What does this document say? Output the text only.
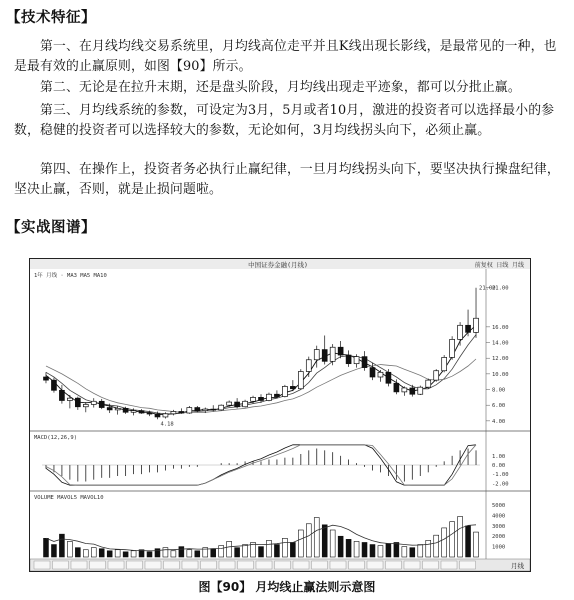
【技术特征】
第一、在月线均线交易系统里，月均线高位走平并且K线出现长影线，是最常见的一种，也是最有效的止赢原则，如图【90】所示。
第二、无论是在拉升末期，还是盘头阶段，月均线出现走平迹象，都可以分批止赢。
第三、月均线系统的参数，可设定为3月，5月或者10月，激进的投资者可以选择最小的参数，稳健的投资者可以选择较大的参数，无论如何，3月均线拐头向下，必须止赢。
第四、在操作上，投资者务必执行止赢纪律，一旦月均线拐头向下，要坚决执行操盘纪律，坚决止赢，否则，就是止损问题啦。
【实战图谱】
中国证券金融(月线)	前复权 日线 月线
1年 月线 · MA3 MA5 MA10
21.00
16.00
14.00
12.00
10.00
8.00
6.00
4.00
MACD(12,26,9)
1.00
0.00
-1.00
-2.00
VOLUME MAVOL5 MAVOL10
5000
4000
3000
2000
1000
月线
21.00
4.18
图【90】 月均线止赢法则示意图
